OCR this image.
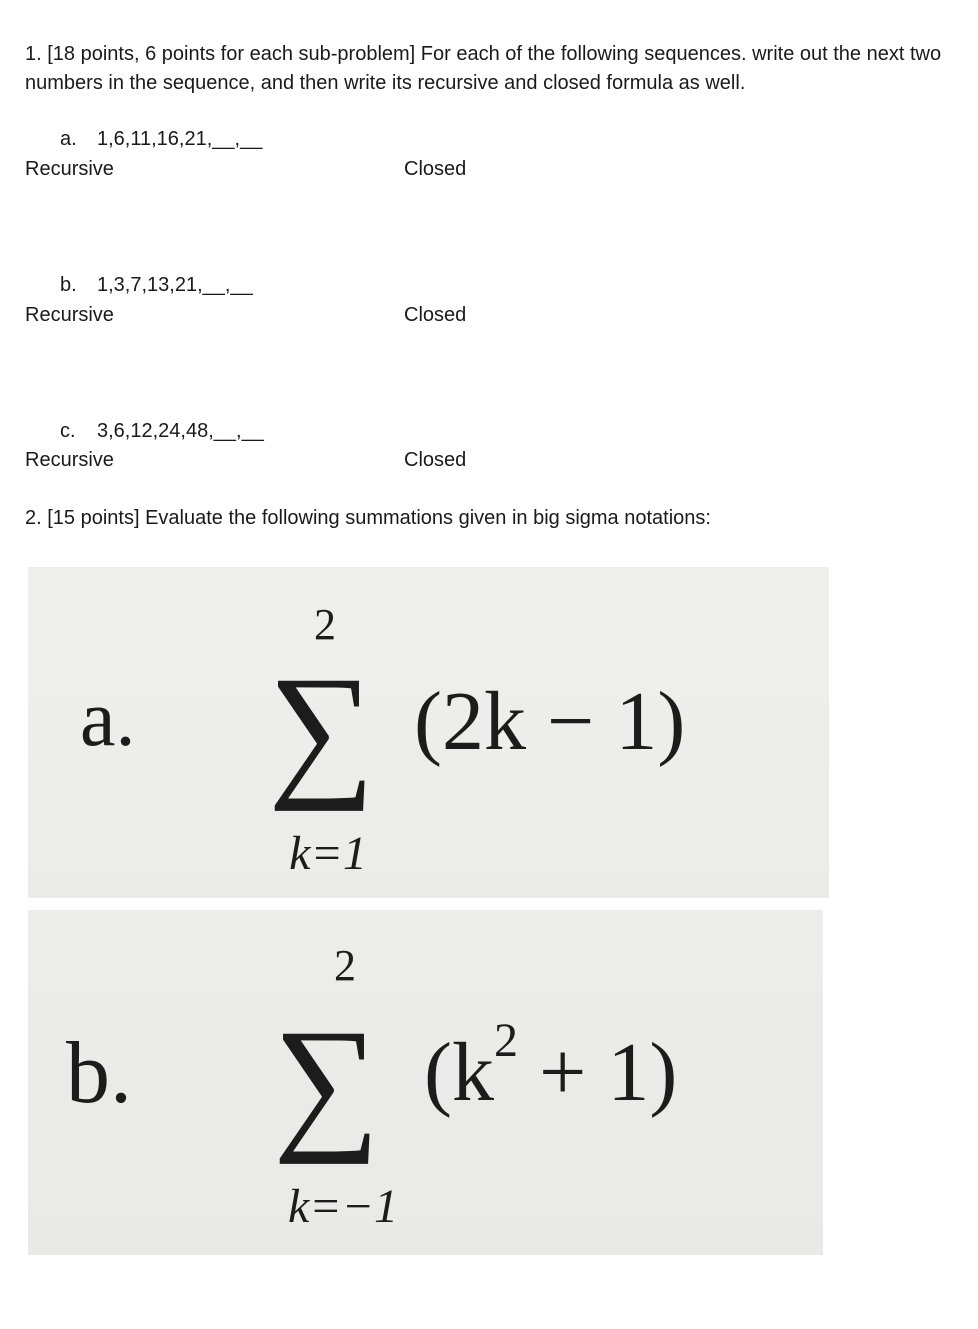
1. [18 points, 6 points for each sub-problem] For each of the following sequences. write out the next two numbers in the sequence, and then write its recursive and closed formula as well.

a. 1,6,11,16,21,__,__
Recursive	Closed
b. 1,3,7,13,21,__,__
Recursive	Closed
c. 3,6,12,24,48,__,__
Recursive	Closed
2. [15 points] Evaluate the following summations given in big sigma notations:
a.
2
∑ (2k − 1)
k=1
b.
2
∑ $(k^2 + 1)$
k=−1
